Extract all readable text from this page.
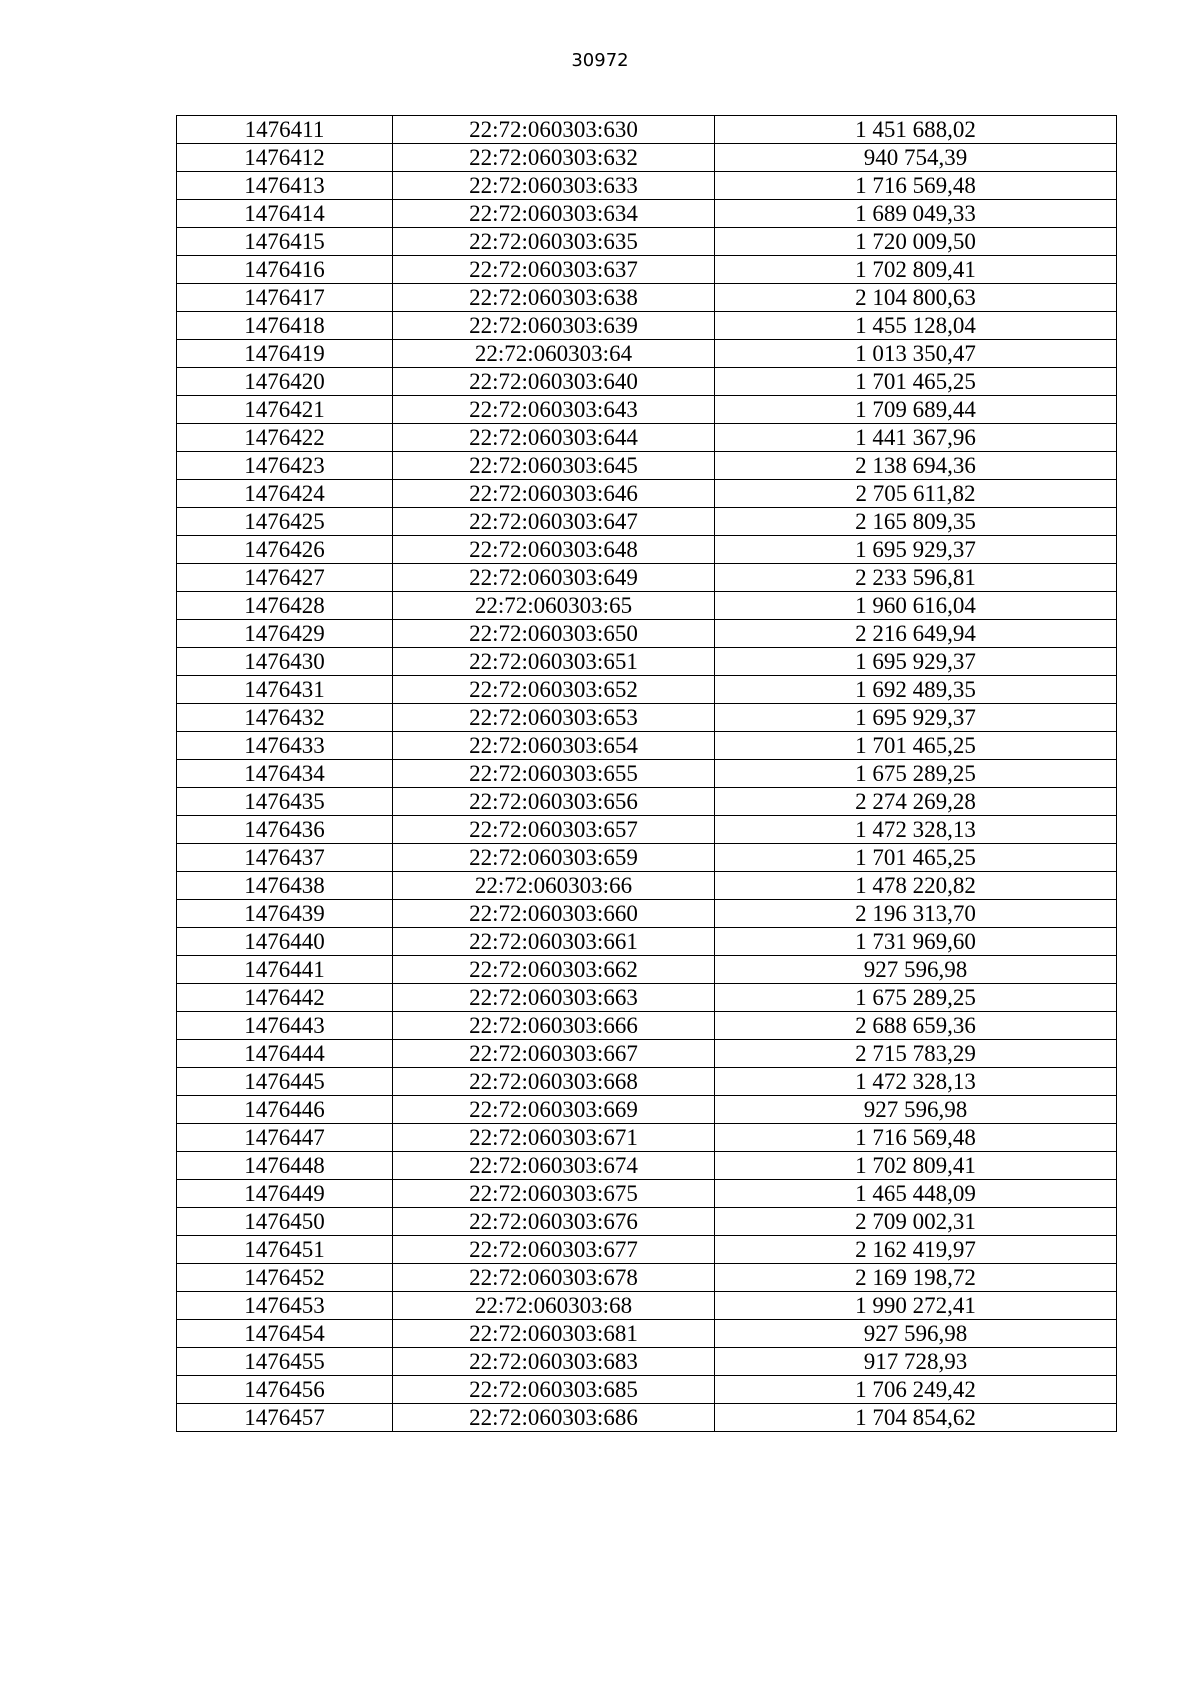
30972
1476411	22:72:060303:630	1 451 688,02
1476412	22:72:060303:632	940 754,39
1476413	22:72:060303:633	1 716 569,48
1476414	22:72:060303:634	1 689 049,33
1476415	22:72:060303:635	1 720 009,50
1476416	22:72:060303:637	1 702 809,41
1476417	22:72:060303:638	2 104 800,63
1476418	22:72:060303:639	1 455 128,04
1476419	22:72:060303:64	1 013 350,47
1476420	22:72:060303:640	1 701 465,25
1476421	22:72:060303:643	1 709 689,44
1476422	22:72:060303:644	1 441 367,96
1476423	22:72:060303:645	2 138 694,36
1476424	22:72:060303:646	2 705 611,82
1476425	22:72:060303:647	2 165 809,35
1476426	22:72:060303:648	1 695 929,37
1476427	22:72:060303:649	2 233 596,81
1476428	22:72:060303:65	1 960 616,04
1476429	22:72:060303:650	2 216 649,94
1476430	22:72:060303:651	1 695 929,37
1476431	22:72:060303:652	1 692 489,35
1476432	22:72:060303:653	1 695 929,37
1476433	22:72:060303:654	1 701 465,25
1476434	22:72:060303:655	1 675 289,25
1476435	22:72:060303:656	2 274 269,28
1476436	22:72:060303:657	1 472 328,13
1476437	22:72:060303:659	1 701 465,25
1476438	22:72:060303:66	1 478 220,82
1476439	22:72:060303:660	2 196 313,70
1476440	22:72:060303:661	1 731 969,60
1476441	22:72:060303:662	927 596,98
1476442	22:72:060303:663	1 675 289,25
1476443	22:72:060303:666	2 688 659,36
1476444	22:72:060303:667	2 715 783,29
1476445	22:72:060303:668	1 472 328,13
1476446	22:72:060303:669	927 596,98
1476447	22:72:060303:671	1 716 569,48
1476448	22:72:060303:674	1 702 809,41
1476449	22:72:060303:675	1 465 448,09
1476450	22:72:060303:676	2 709 002,31
1476451	22:72:060303:677	2 162 419,97
1476452	22:72:060303:678	2 169 198,72
1476453	22:72:060303:68	1 990 272,41
1476454	22:72:060303:681	927 596,98
1476455	22:72:060303:683	917 728,93
1476456	22:72:060303:685	1 706 249,42
1476457	22:72:060303:686	1 704 854,62
